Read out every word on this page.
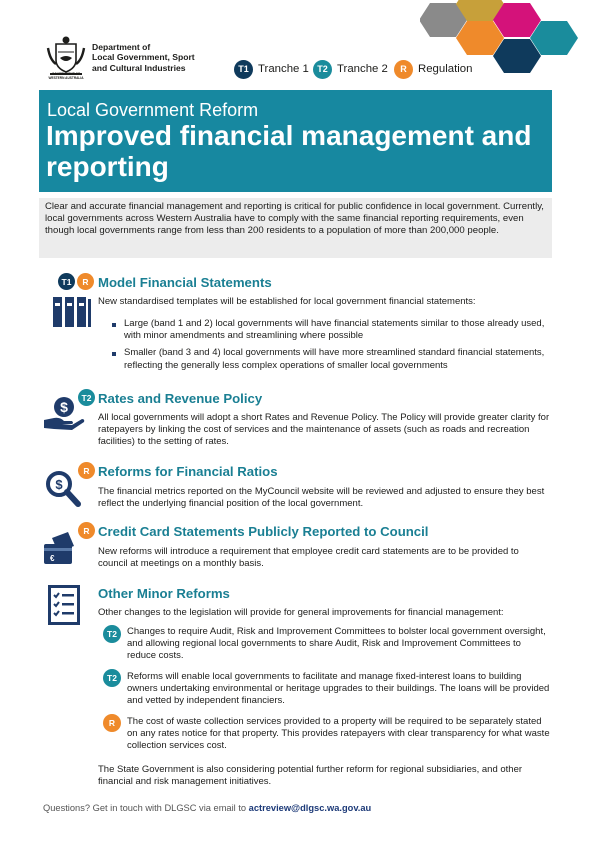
GOVERNMENT OF
WESTERN AUSTRALIA
Department of
Local Government, Sport
and Cultural Industries	T1 Tranche 1 T2 Tranche 2	R Regulation
Local Government Reform
Improved financial management and reporting

Clear and accurate financial management and reporting is critical for public confidence in local government. Currently, local governments across Western Australia have to comply with the same financial reporting requirements, even though local governments range from less than 200 residents to a population of more than 200,000 people.

T1	R Model Financial Statements
New standardised templates will be established for local government financial statements:
Large (band 1 and 2) local governments will have financial statements similar to those already used, with minor amendments and streamlining where possible
Smaller (band 3 and 4) local governments will have more streamlined standard financial statements, reflecting the generally less complex operations of smaller local governments
T2 Rates and Revenue Policy
$
All local governments will adopt a short Rates and Revenue Policy. The Policy will provide greater clarity for ratepayers by linking the cost of services and the maintenance of assets (such as roads and recreation facilities) to the setting of rates.
R Reforms for Financial Ratios
$	The financial metrics reported on the MyCouncil website will be reviewed and adjusted to ensure they best reflect the underlying financial position of the local government.
R Credit Card Statements Publicly Reported to Council
€
New reforms will introduce a requirement that employee credit card statements are to be provided to council at meetings on a monthly basis.
Other Minor Reforms
Other changes to the legislation will provide for general improvements for financial management:
T2	Changes to require Audit, Risk and Improvement Committees to bolster local government oversight, and allowing regional local governments to share Audit, Risk and Improvement Committees to reduce costs.
T2	Reforms will enable local governments to facilitate and manage fixed-interest loans to building owners undertaking environmental or heritage upgrades to their buildings. The loans will be provided and vetted by independent financiers.
R	The cost of waste collection services provided to a property will be required to be separately stated on any rates notice for that property. This provides ratepayers with clear transparency for what waste collection services cost.
The State Government is also considering potential further reform for regional subsidiaries, and other financial and risk management initiatives.
Questions? Get in touch with DLGSC via email to actreview@dlgsc.wa.gov.au
